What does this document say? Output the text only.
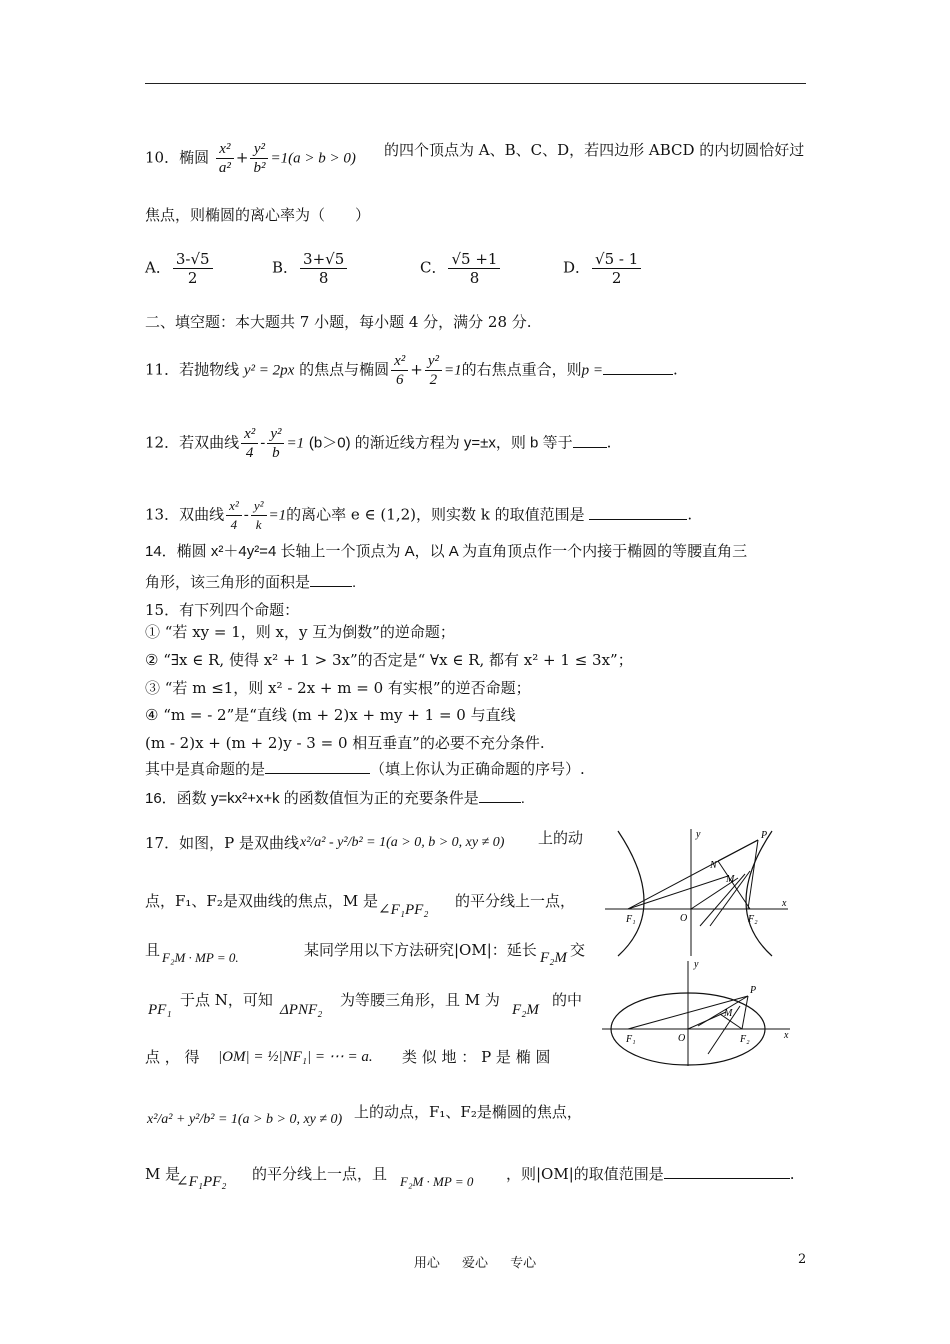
10．椭圆 $\frac{\text{x²}}{\text{a²}} + \frac{\text{y²}}{\text{b²}} =1(a > b > 0)$ 的四个顶点为 A、B、C、D，若四边形 ABCD 的内切圆恰好过
焦点，则椭圆的离心率为（　　）
A． $\frac{3-√5}{2}$	B． $\frac{3+√5}{8}$	C． $\frac{√5 +1}{8}$	D． $\frac{√5 - 1}{2}$
二、填空题：本大题共 7 小题，每小题 4 分，满分 28 分.
11．若抛物线 y² = 2px 的焦点与椭圆 $\frac{\text{x²}}{6} + \frac{\text{y²}}{2} =1$的右焦点重合，则p =	.
12．若双曲线 $\frac{\text{x²}}{4} - \frac{\text{y²}}{b} =1$ (b＞0) 的渐近线方程为 y=±x，则 b 等于 .
13．双曲线 $\frac{\text{x²}}{4} - \frac{\text{y²}}{k} =1$的离心率 e ∈ (1,2)，则实数 k 的取值范围是	.
14．椭圆 x²＋4y²=4 长轴上一个顶点为 A，以 A 为直角顶点作一个内接于椭圆的等腰直角三
角形，该三角形的面积是	.
15．有下列四个命题：
① “若 xy = 1，则 x，y 互为倒数”的逆命题；
② “∃x ∈ R, 使得 x² + 1 > 3x”的否定是“ ∀x ∈ R, 都有 x² + 1 ≤ 3x”；
③ “若 m ≤1，则 x² - 2x + m = 0 有实根”的逆否命题；
④ “m = - 2”是“直线 (m + 2)x + my + 1 = 0 与直线
(m - 2)x + (m + 2)y - 3 = 0 相互垂直”的必要不充分条件.
其中是真命题的是	（填上你认为正确命题的序号）.
16．函数 y=kx²+x+k 的函数值恒为正的充要条件是	.
17．如图，P 是双曲线 x²/a² - y²/b² = 1(a > 0, b > 0, xy ≠ 0) 上的动
点，F₁、F₂是双曲线的焦点，M 是 ∠F₁PF₂ 的平分线上一点，
且 F₂M · MP = 0.	某同学用以下方法研究|OM|：延长 F₂M 交
PF₁
于点 N，可知
ΔPNF₂
为等腰三角形，且 M 为
F₂M
的中
点 ， 得 |OM| = ½|NF₁| = ⋯ = a. 类 似 地 ： P 是 椭 圆
x²/a² + y²/b² = 1(a > b > 0, xy ≠ 0) 上的动点，F₁、F₂是椭圆的焦点，
M 是
∠F₁PF₂ 的平分线上一点，且 F₂M · MP = 0 ，则|OM|的取值范围是	.
y	P
N
M
F₁	O	F₂
x
y
P
M
F₁	O	F₂	x
用心 爱心 专心	2
